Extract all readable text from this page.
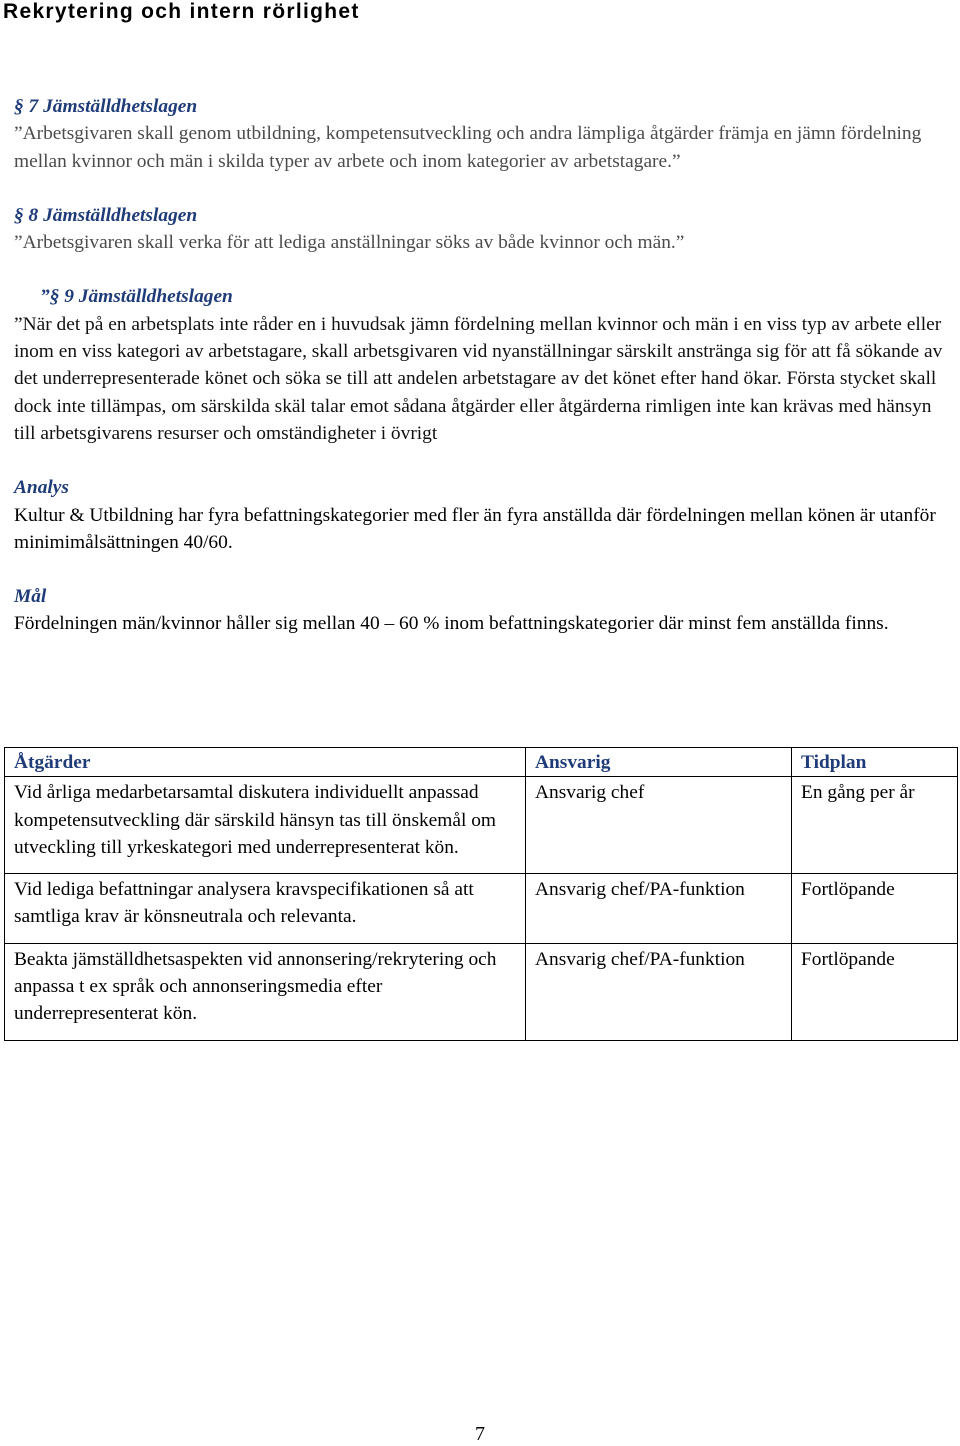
Rekrytering och intern rörlighet
§ 7 Jämställdhetslagen
”Arbetsgivaren skall genom utbildning, kompetensutveckling och andra lämpliga åtgärder främja en jämn fördelning mellan kvinnor och män i skilda typer av arbete och inom kategorier av arbetstagare.”
§ 8 Jämställdhetslagen
”Arbetsgivaren skall verka för att lediga anställningar söks av både kvinnor och män.”
”§ 9 Jämställdhetslagen
”När det på en arbetsplats inte råder en i huvudsak jämn fördelning mellan kvinnor och män i en viss typ av arbete eller inom en viss kategori av arbetstagare, skall arbetsgivaren vid nyanställningar särskilt anstränga sig för att få sökande av det underrepresenterade könet och söka se till att andelen arbetstagare av det könet efter hand ökar. Första stycket skall dock inte tillämpas, om särskilda skäl talar emot sådana åtgärder eller åtgärderna rimligen inte kan krävas med hänsyn till arbetsgivarens resurser och omständigheter i övrigt
Analys
Kultur & Utbildning har fyra befattningskategorier med fler än fyra anställda där fördelningen mellan könen är utanför minimimålsättningen 40/60.
Mål
Fördelningen män/kvinnor håller sig mellan 40 – 60 % inom befattningskategorier där minst fem anställda finns.
Åtgärder	Ansvarig	Tidplan
Vid årliga medarbetarsamtal diskutera individuellt anpassad kompetensutveckling där särskild hänsyn tas till önskemål om utveckling till yrkeskategori med underrepresenterat kön.	Ansvarig chef	En gång per år
Vid lediga befattningar analysera kravspecifikationen så att samtliga krav är könsneutrala och relevanta.	Ansvarig chef/PA-funktion	Fortlöpande
Beakta jämställdhetsaspekten vid annonsering/rekrytering och anpassa t ex språk och annonseringsmedia efter underrepresenterat kön.	Ansvarig chef/PA-funktion	Fortlöpande
7
